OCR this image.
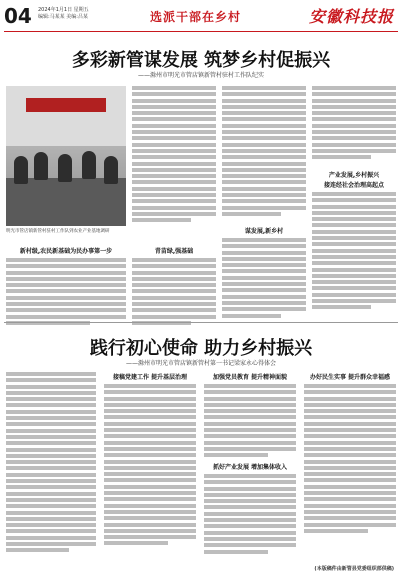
04 2024年1月1日 星期五
编辑:马某某 美编:吕某	选派干部在乡村	安徽科技报
多彩新管谋发展 筑梦乡村促振兴
——滁州市明光市管店镇新管村驻村工作队纪实
明光市管店镇新管村驻村工作队到农业产业基地调研
新村级,农民新基础为民办事第一步	青苗绿,强基础
谋发展,新乡村
产业发展,乡村振兴
接连经社会治理高起点
践行初心使命 助力乡村振兴
——滁州市明光市管店镇新管村第一书记梁家永心得体会
接稿党建工作 提升基层治理	加强党员教育 提升精神面貌
抓好产业发展 增加集体收入
办好民生实事 提升群众幸福感
(本版稿件由新管县党委组织部供稿)
